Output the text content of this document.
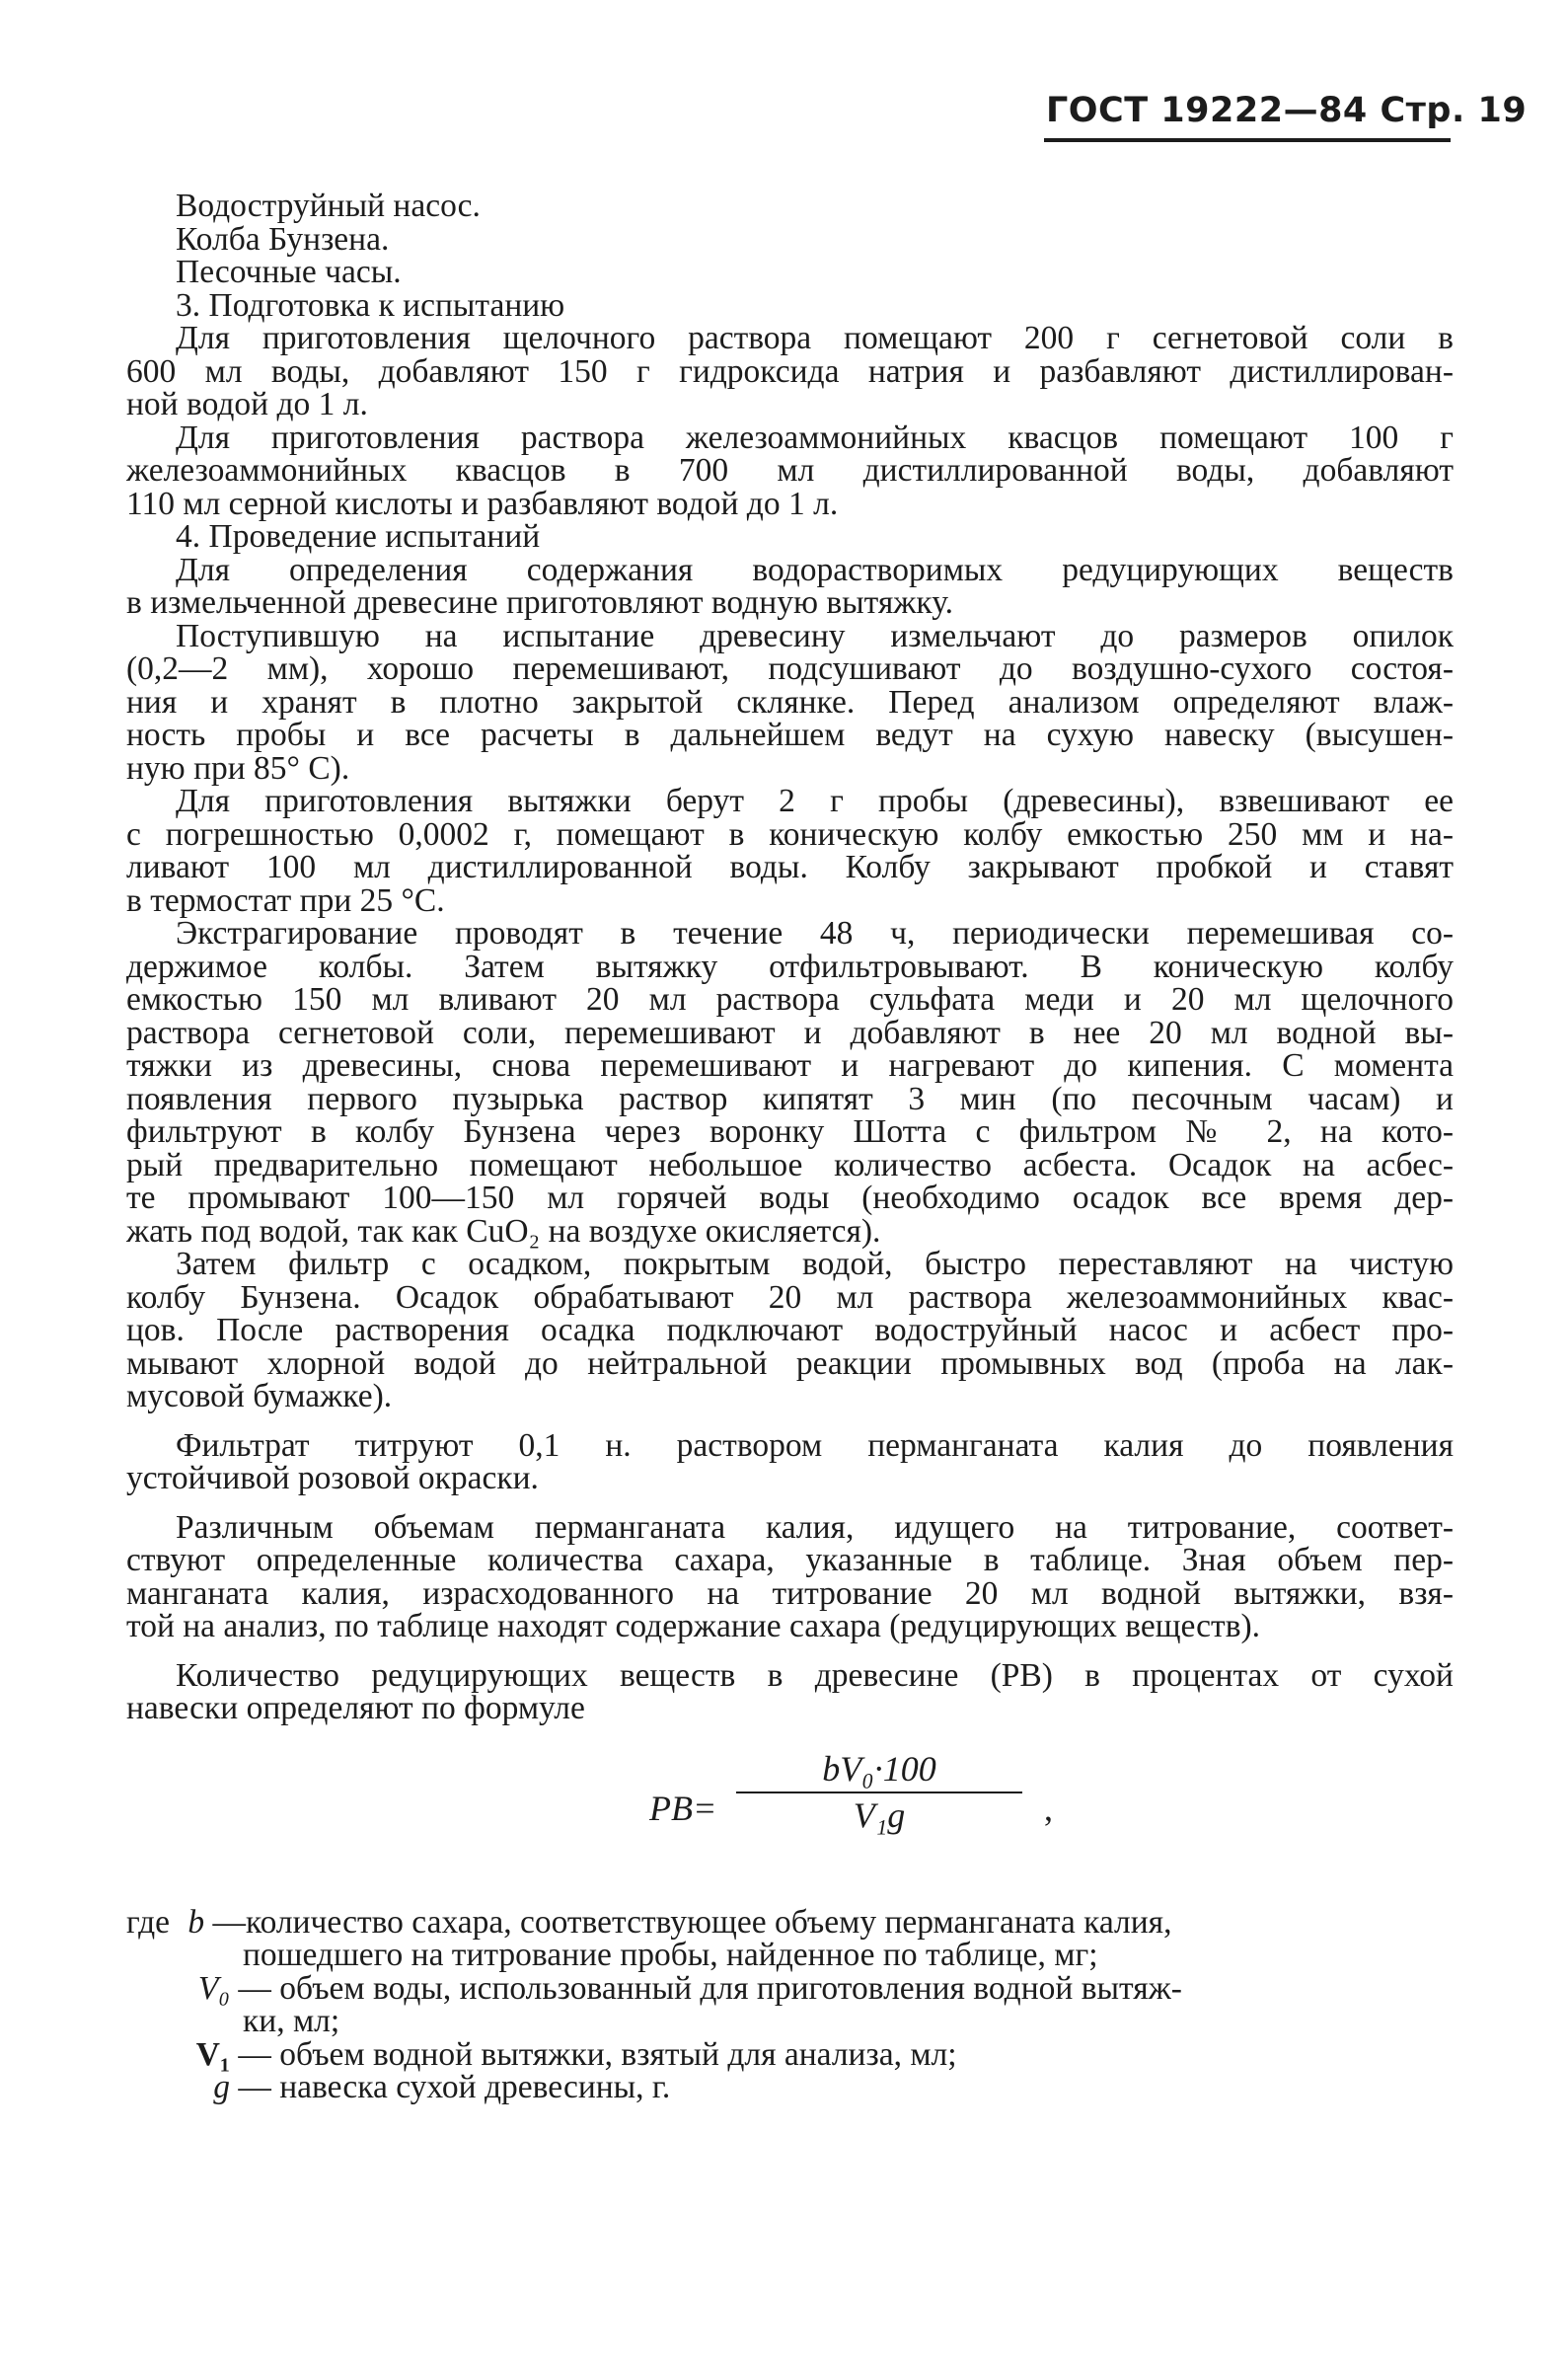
ГОСТ 19222—84 Стр. 19
Водоструйный насос.
Колба Бунзена.
Песочные часы.
3. Подготовка к испытанию
Для приготовления щелочного раствора помещают 200 г сегнетовой соли в
600 мл воды, добавляют 150 г гидроксида натрия и разбавляют дистиллирован-
ной водой до 1 л.
Для приготовления раствора железоаммонийных квасцов помещают 100 г
железоаммонийных квасцов в 700 мл дистиллированной воды, добавляют
110 мл серной кислоты и разбавляют водой до 1 л.
4. Проведение испытаний
Для определения содержания водорастворимых редуцирующих веществ
в измельченной древесине приготовляют водную вытяжку.
Поступившую на испытание древесину измельчают до размеров опилок
(0,2—2 мм), хорошо перемешивают, подсушивают до воздушно-сухого состоя-
ния и хранят в плотно закрытой склянке. Перед анализом определяют влаж-
ность пробы и все расчеты в дальнейшем ведут на сухую навеску (высушен-
ную при 85° С).
Для приготовления вытяжки берут 2 г пробы (древесины), взвешивают ее
с погрешностью 0,0002 г, помещают в коническую колбу емкостью 250 мм и на-
ливают 100 мл дистиллированной воды. Колбу закрывают пробкой и ставят
в термостат при 25 °С.
Экстрагирование проводят в течение 48 ч, периодически перемешивая со-
держимое колбы. Затем вытяжку отфильтровывают. В коническую колбу
емкостью 150 мл вливают 20 мл раствора сульфата меди и 20 мл щелочного
раствора сегнетовой соли, перемешивают и добавляют в нее 20 мл водной вы-
тяжки из древесины, снова перемешивают и нагревают до кипения. С момента
появления первого пузырька раствор кипятят 3 мин (по песочным часам) и
фильтруют в колбу Бунзена через воронку Шотта с фильтром № 2, на кото-
рый предварительно помещают небольшое количество асбеста. Осадок на асбес-
те промывают 100—150 мл горячей воды (необходимо осадок все время дер-
жать под водой, так как CuO₂ на воздухе окисляется).
Затем фильтр с осадком, покрытым водой, быстро переставляют на чистую
колбу Бунзена. Осадок обрабатывают 20 мл раствора железоаммонийных квас-
цов. После растворения осадка подключают водоструйный насос и асбест про-
мывают хлорной водой до нейтральной реакции промывных вод (проба на лак-
мусовой бумажке).
Фильтрат титруют 0,1 н. раствором перманганата калия до появления
устойчивой розовой окраски.
Различным объемам перманганата калия, идущего на титрование, соответ-
ствуют определенные количества сахара, указанные в таблице. Зная объем пер-
манганата калия, израсходованного на титрование 20 мл водной вытяжки, взя-
той на анализ, по таблице находят содержание сахара (редуцирующих веществ).
Количество редуцирующих веществ в древесине (РВ) в процентах от сухой
навески определяют по формуле
РВ=
bV₀·100
V₁g	,
где b —количество сахара, соответствующее объему перманганата калия,
пошедшего на титрование пробы, найденное по таблице, мг;
V₀ — объем воды, использованный для приготовления водной вытяж-
ки, мл;
V₁ — объем водной вытяжки, взятый для анализа, мл;
g — навеска сухой древесины, г.
